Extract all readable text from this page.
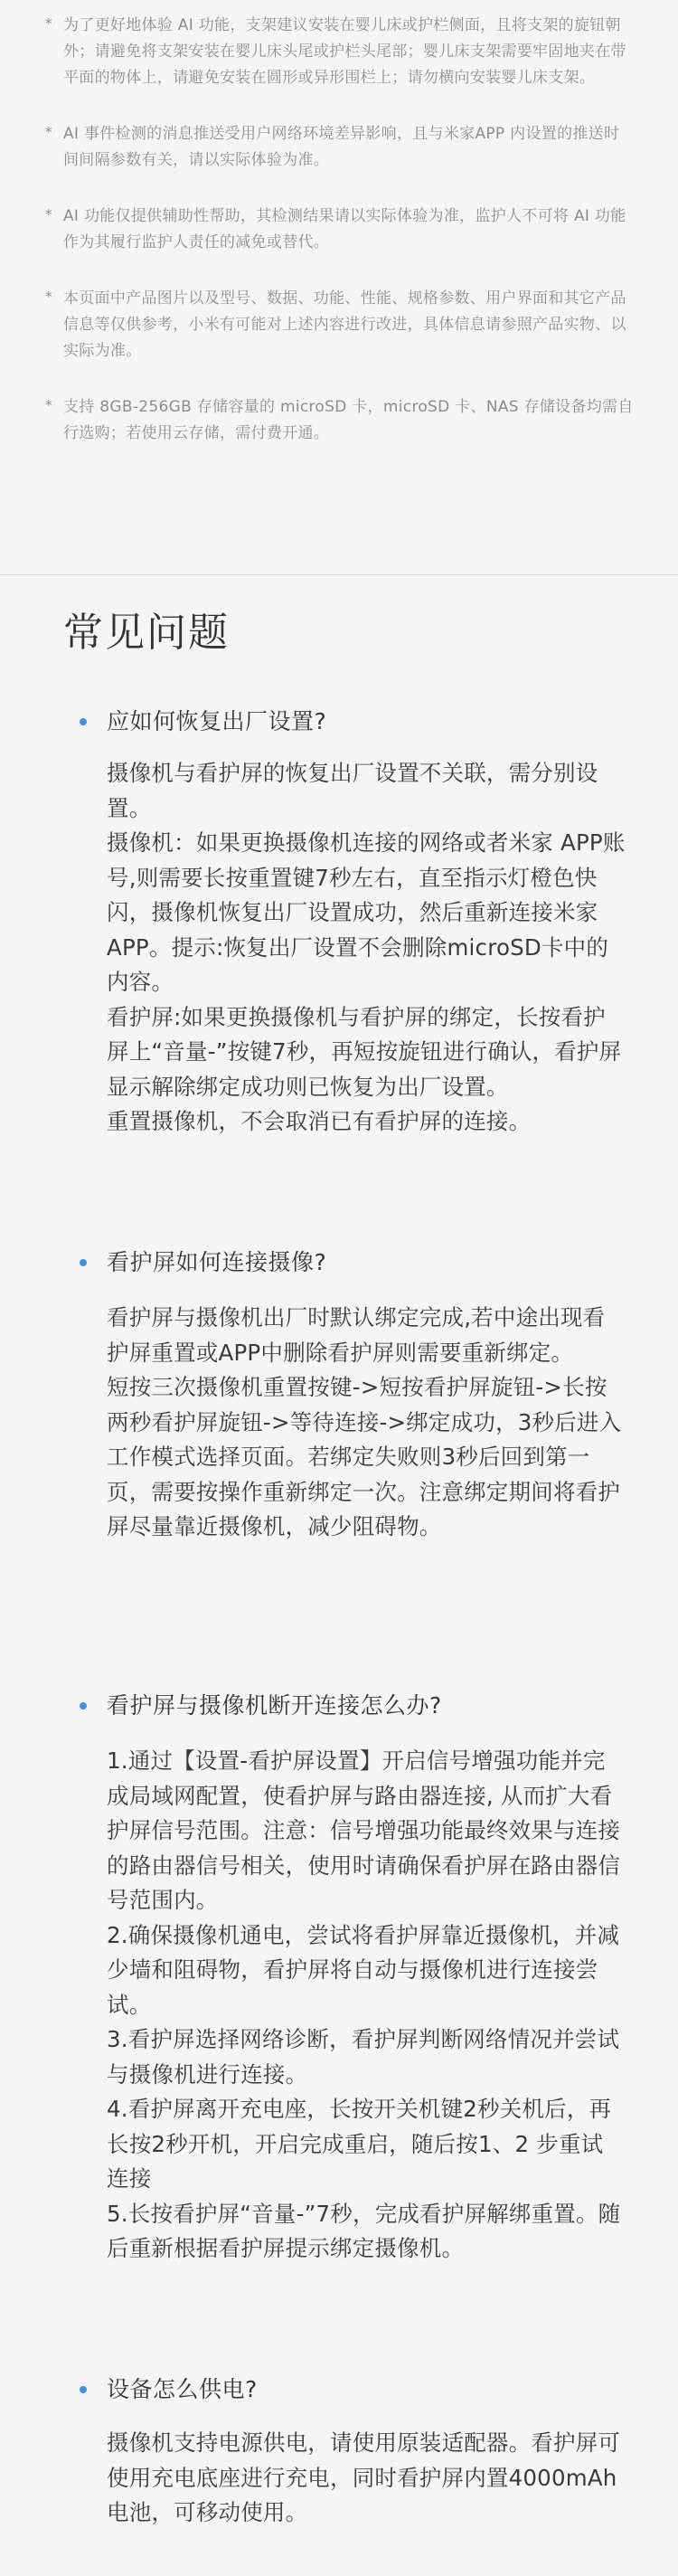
* 为了更好地体验 AI 功能，支架建议安装在婴儿床或护栏侧面，且将支架的旋钮朝外；请避免将支架安装在婴儿床头尾或护栏头尾部；婴儿床支架需要牢固地夹在带平面的物体上，请避免安装在圆形或异形围栏上；请勿横向安装婴儿床支架。
* AI 事件检测的消息推送受用户网络环境差异影响，且与米家APP 内设置的推送时间间隔参数有关，请以实际体验为准。
* AI 功能仅提供辅助性帮助，其检测结果请以实际体验为准，监护人不可将 AI 功能作为其履行监护人责任的减免或替代。
* 本页面中产品图片以及型号、数据、功能、性能、规格参数、用户界面和其它产品信息等仅供参考，小米有可能对上述内容进行改进，具体信息请参照产品实物、以实际为准。
* 支持 8GB-256GB 存储容量的 microSD 卡，microSD 卡、NAS 存储设备均需自行选购；若使用云存储，需付费开通。
常见问题
应如何恢复出厂设置?

摄像机与看护屏的恢复出厂设置不关联，需分别设置。

摄像机：如果更换摄像机连接的网络或者米家 APP账号,则需要长按重置键7秒左右，直至指示灯橙色快闪，摄像机恢复出厂设置成功，然后重新连接米家APP。提示:恢复出厂设置不会删除microSD卡中的内容。

看护屏:如果更换摄像机与看护屏的绑定，长按看护屏上“音量-”按键7秒，再短按旋钮进行确认，看护屏显示解除绑定成功则已恢复为出厂设置。

重置摄像机，不会取消已有看护屏的连接。

看护屏如何连接摄像?

看护屏与摄像机出厂时默认绑定完成,若中途出现看护屏重置或APP中删除看护屏则需要重新绑定。

短按三次摄像机重置按键->短按看护屏旋钮->长按两秒看护屏旋钮->等待连接->绑定成功，3秒后进入工作模式选择页面。若绑定失败则3秒后回到第一页，需要按操作重新绑定一次。注意绑定期间将看护屏尽量靠近摄像机，减少阻碍物。

看护屏与摄像机断开连接怎么办?

1.通过【设置-看护屏设置】开启信号增强功能并完成局域网配置，使看护屏与路由器连接, 从而扩大看护屏信号范围。注意：信号增强功能最终效果与连接的路由器信号相关，使用时请确保看护屏在路由器信号范围内。

2.确保摄像机通电，尝试将看护屏靠近摄像机，并减少墙和阻碍物，看护屏将自动与摄像机进行连接尝试。

3.看护屏选择网络诊断，看护屏判断网络情况并尝试与摄像机进行连接。

4.看护屏离开充电座，长按开关机键2秒关机后，再长按2秒开机，开启完成重启，随后按1、2 步重试连接

5.长按看护屏“音量-”7秒，完成看护屏解绑重置。随后重新根据看护屏提示绑定摄像机。

设备怎么供电?

摄像机支持电源供电，请使用原装适配器。看护屏可使用充电底座进行充电，同时看护屏内置4000mAh电池，可移动使用。
